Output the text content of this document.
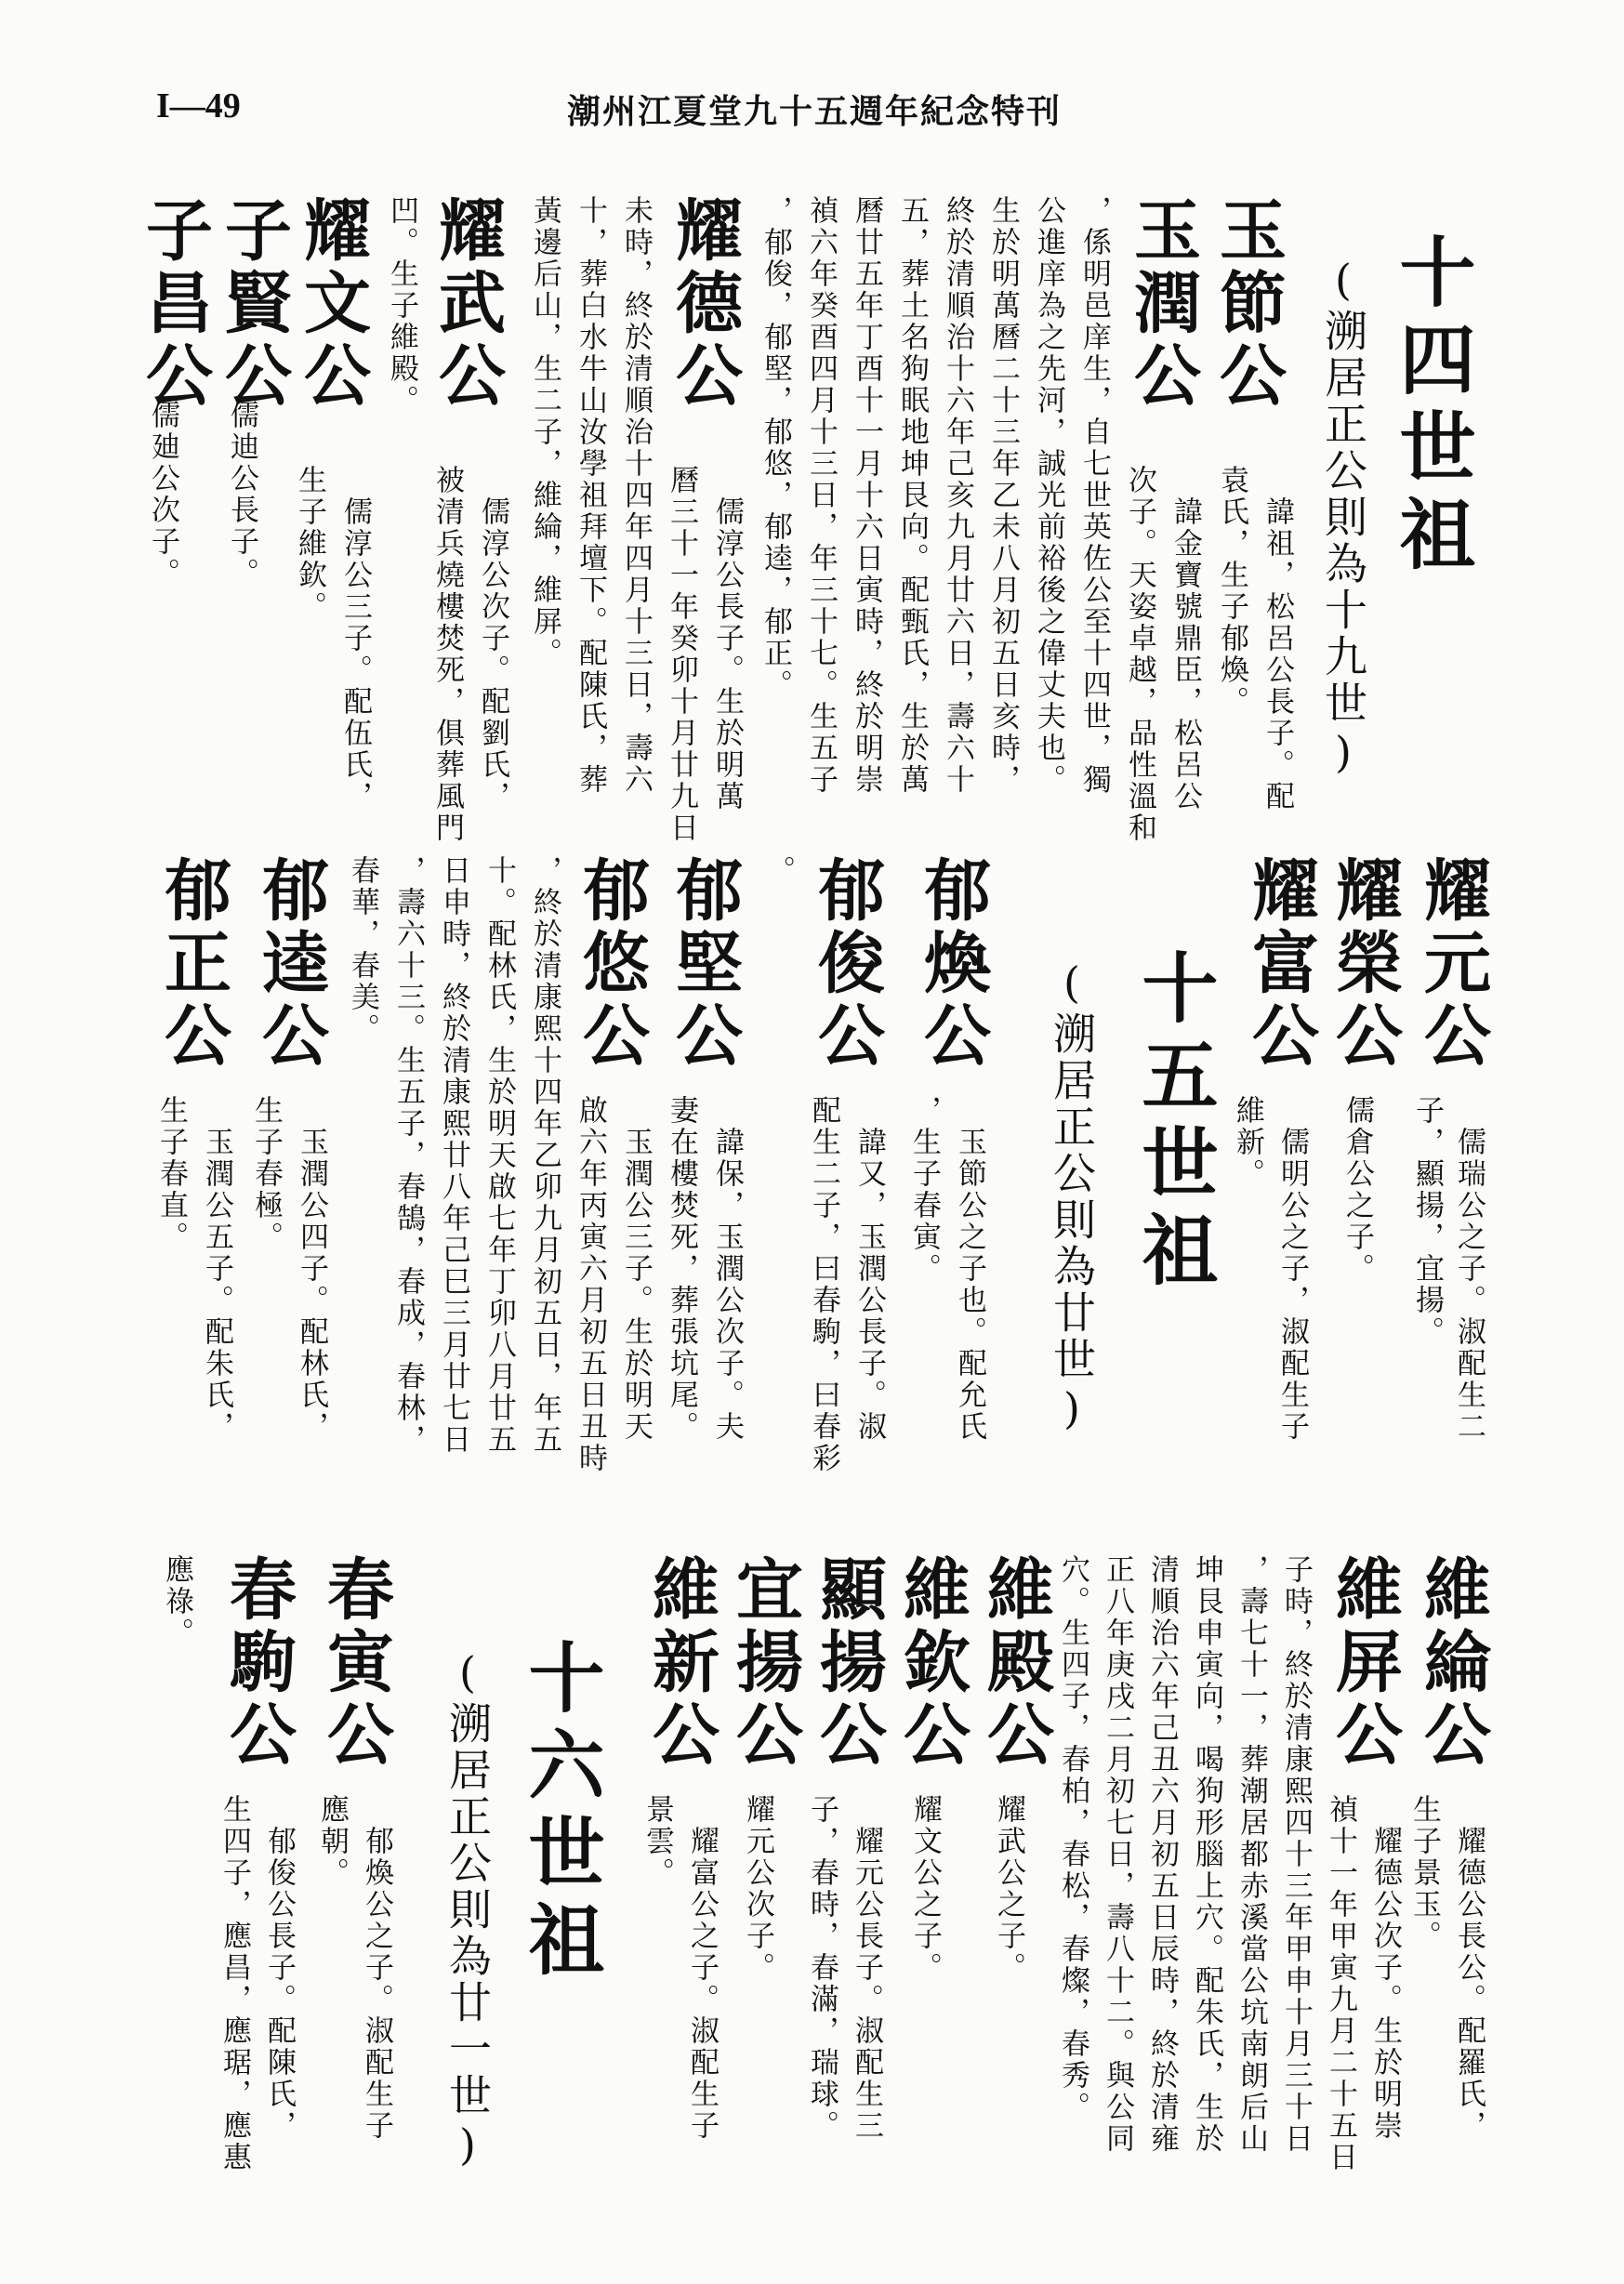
I—49	潮州江夏堂九十五週年紀念特刊
十四世祖
(溯居正公則為十九世)
玉節公
　諱祖，松呂公長子。配
袁氏，生子郁煥。
玉潤公
　諱金寶號鼎臣，松呂公
次子。天姿卓越，品性溫和
，係明邑庠生，自七世英佐公至十四世，獨
公進庠為之先河，誠光前裕後之偉丈夫也。
生於明萬曆二十三年乙未八月初五日亥時，
終於清順治十六年己亥九月廿六日，壽六十
五，葬土名狗眠地坤艮向。配甄氏，生於萬
曆廿五年丁酉十一月十六日寅時，終於明崇
禎六年癸酉四月十三日，年三十七。生五子
，郁俊，郁堅，郁悠，郁逵，郁正。
耀德公
　儒淳公長子。生於明萬
曆三十一年癸卯十月廿九日
未時，終於清順治十四年四月十三日，壽六
十，葬白水牛山汝學祖拜壇下。配陳氏，葬
黃邊后山，生二子，維綸，維屏。
耀武公
　儒淳公次子。配劉氏，
被清兵燒樓焚死，俱葬風門
凹。生子維殿。
耀文公
　儒淳公三子。配伍氏，
生子維欽。
子賢公
儒迪公長子。
子昌公
儒廸公次子。
耀元公
　儒瑞公之子。淑配生二
子，顯揚，宜揚。
耀榮公
儒倉公之子。
耀富公
　儒明公之子，淑配生子
維新。
十五世祖
(溯居正公則為廿世)
郁煥公
　玉節公之子也。配允氏
，生子春寅。
郁俊公
　諱又，玉潤公長子。淑
配生二子，曰春駒，曰春彩
。
郁堅公
　諱保，玉潤公次子。夫
妻在樓焚死，葬張坑尾。
郁悠公
　玉潤公三子。生於明天
啟六年丙寅六月初五日丑時
，終於清康熙十四年乙卯九月初五日，年五
十。配林氏，生於明天啟七年丁卯八月廿五
日申時，終於清康熙廿八年己巳三月廿七日
，壽六十三。生五子，春鵠，春成，春林，
春華，春美。
郁逵公
　玉潤公四子。配林氏，
生子春極。
郁正公
　玉潤公五子。配朱氏，
生子春直。
維綸公
　耀德公長公。配羅氏，
生子景玉。
維屏公
　耀德公次子。生於明崇
禎十一年甲寅九月二十五日
子時，終於清康熙四十三年甲申十月三十日
，壽七十一，葬潮居都赤溪當公坑南朗后山
坤艮申寅向，喝狗形腦上穴。配朱氏，生於
清順治六年己丑六月初五日辰時，終於清雍
正八年庚戌二月初七日，壽八十二。與公同
穴。生四子，春柏，春松，春燦，春秀。
維殿公
耀武公之子。
維欽公
耀文公之子。
顯揚公
　耀元公長子。淑配生三
子，春時，春滿，瑞球。
宜揚公
耀元公次子。
維新公
　耀富公之子。淑配生子
景雲。
十六世祖
(溯居正公則為廿一世)
春寅公
　郁煥公之子。淑配生子
應朝。
春駒公
　郁俊公長子。配陳氏，
生四子，應昌，應琚，應惠
應祿。
